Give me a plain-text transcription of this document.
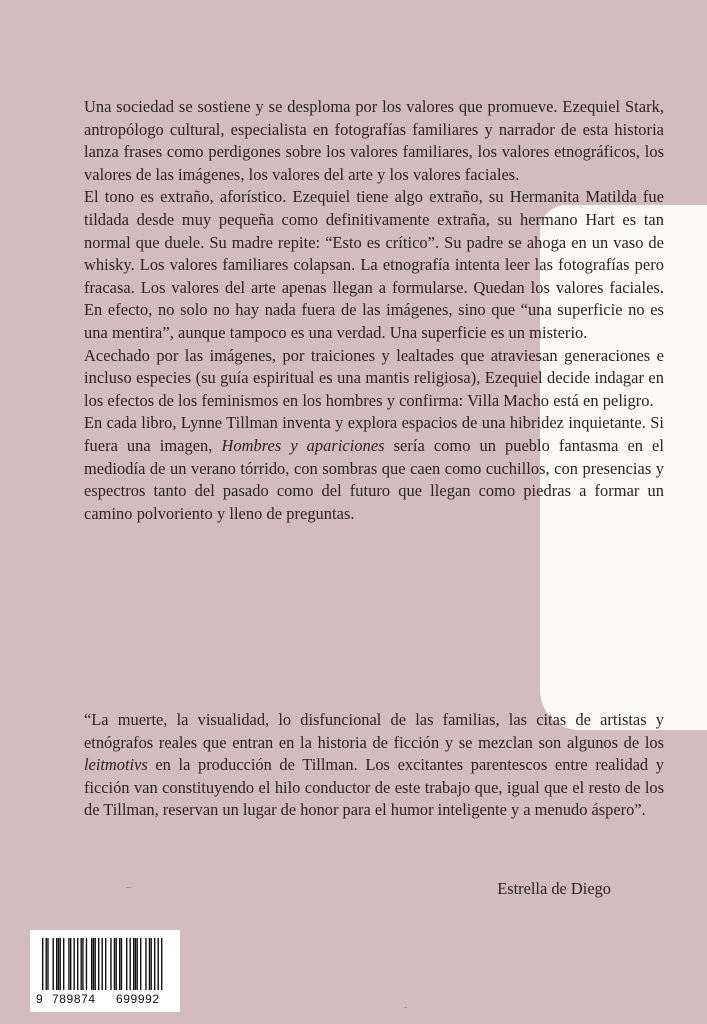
Una sociedad se sostiene y se desploma por los valores que promueve. Ezequiel Stark, antropólogo cultural, especialista en fotografías familiares y narrador de esta historia lanza frases como perdigones sobre los valores familiares, los valores etnográficos, los valores de las imágenes, los valores del arte y los valores faciales.

El tono es extraño, aforístico. Ezequiel tiene algo extraño, su Hermanita Matilda fue tildada desde muy pequeña como definitivamente extraña, su hermano Hart es tan normal que duele. Su madre repite: “Esto es crítico”. Su padre se ahoga en un vaso de whisky. Los valores familiares colapsan. La etnografía intenta leer las fotografías pero fracasa. Los valores del arte apenas llegan a formularse. Quedan los valores faciales. En efecto, no solo no hay nada fuera de las imágenes, sino que “una superficie no es una mentira”, aunque tampoco es una verdad. Una superficie es un misterio.

Acechado por las imágenes, por traiciones y lealtades que atraviesan generaciones e incluso especies (su guía espiritual es una mantis religiosa), Ezequiel decide indagar en los efectos de los feminismos en los hombres y confirma: Villa Macho está en peligro.

En cada libro, Lynne Tillman inventa y explora espacios de una hibridez inquietante. Si fuera una imagen, Hombres y apariciones sería como un pueblo fantasma en el mediodía de un verano tórrido, con sombras que caen como cuchillos, con presencias y espectros tanto del pasado como del futuro que llegan como piedras a formar un camino polvoriento y lleno de preguntas.

“La muerte, la visualidad, lo disfuncional de las familias, las citas de artistas y etnógrafos reales que entran en la historia de ficción y se mezclan son algunos de los leitmotivs en la producción de Tillman. Los excitantes parentescos entre realidad y ficción van constituyendo el hilo conductor de este trabajo que, igual que el resto de los de Tillman, reservan un lugar de honor para el humor inteligente y a menudo áspero”.

Estrella de Diego
9 789874 699992
–
˜
